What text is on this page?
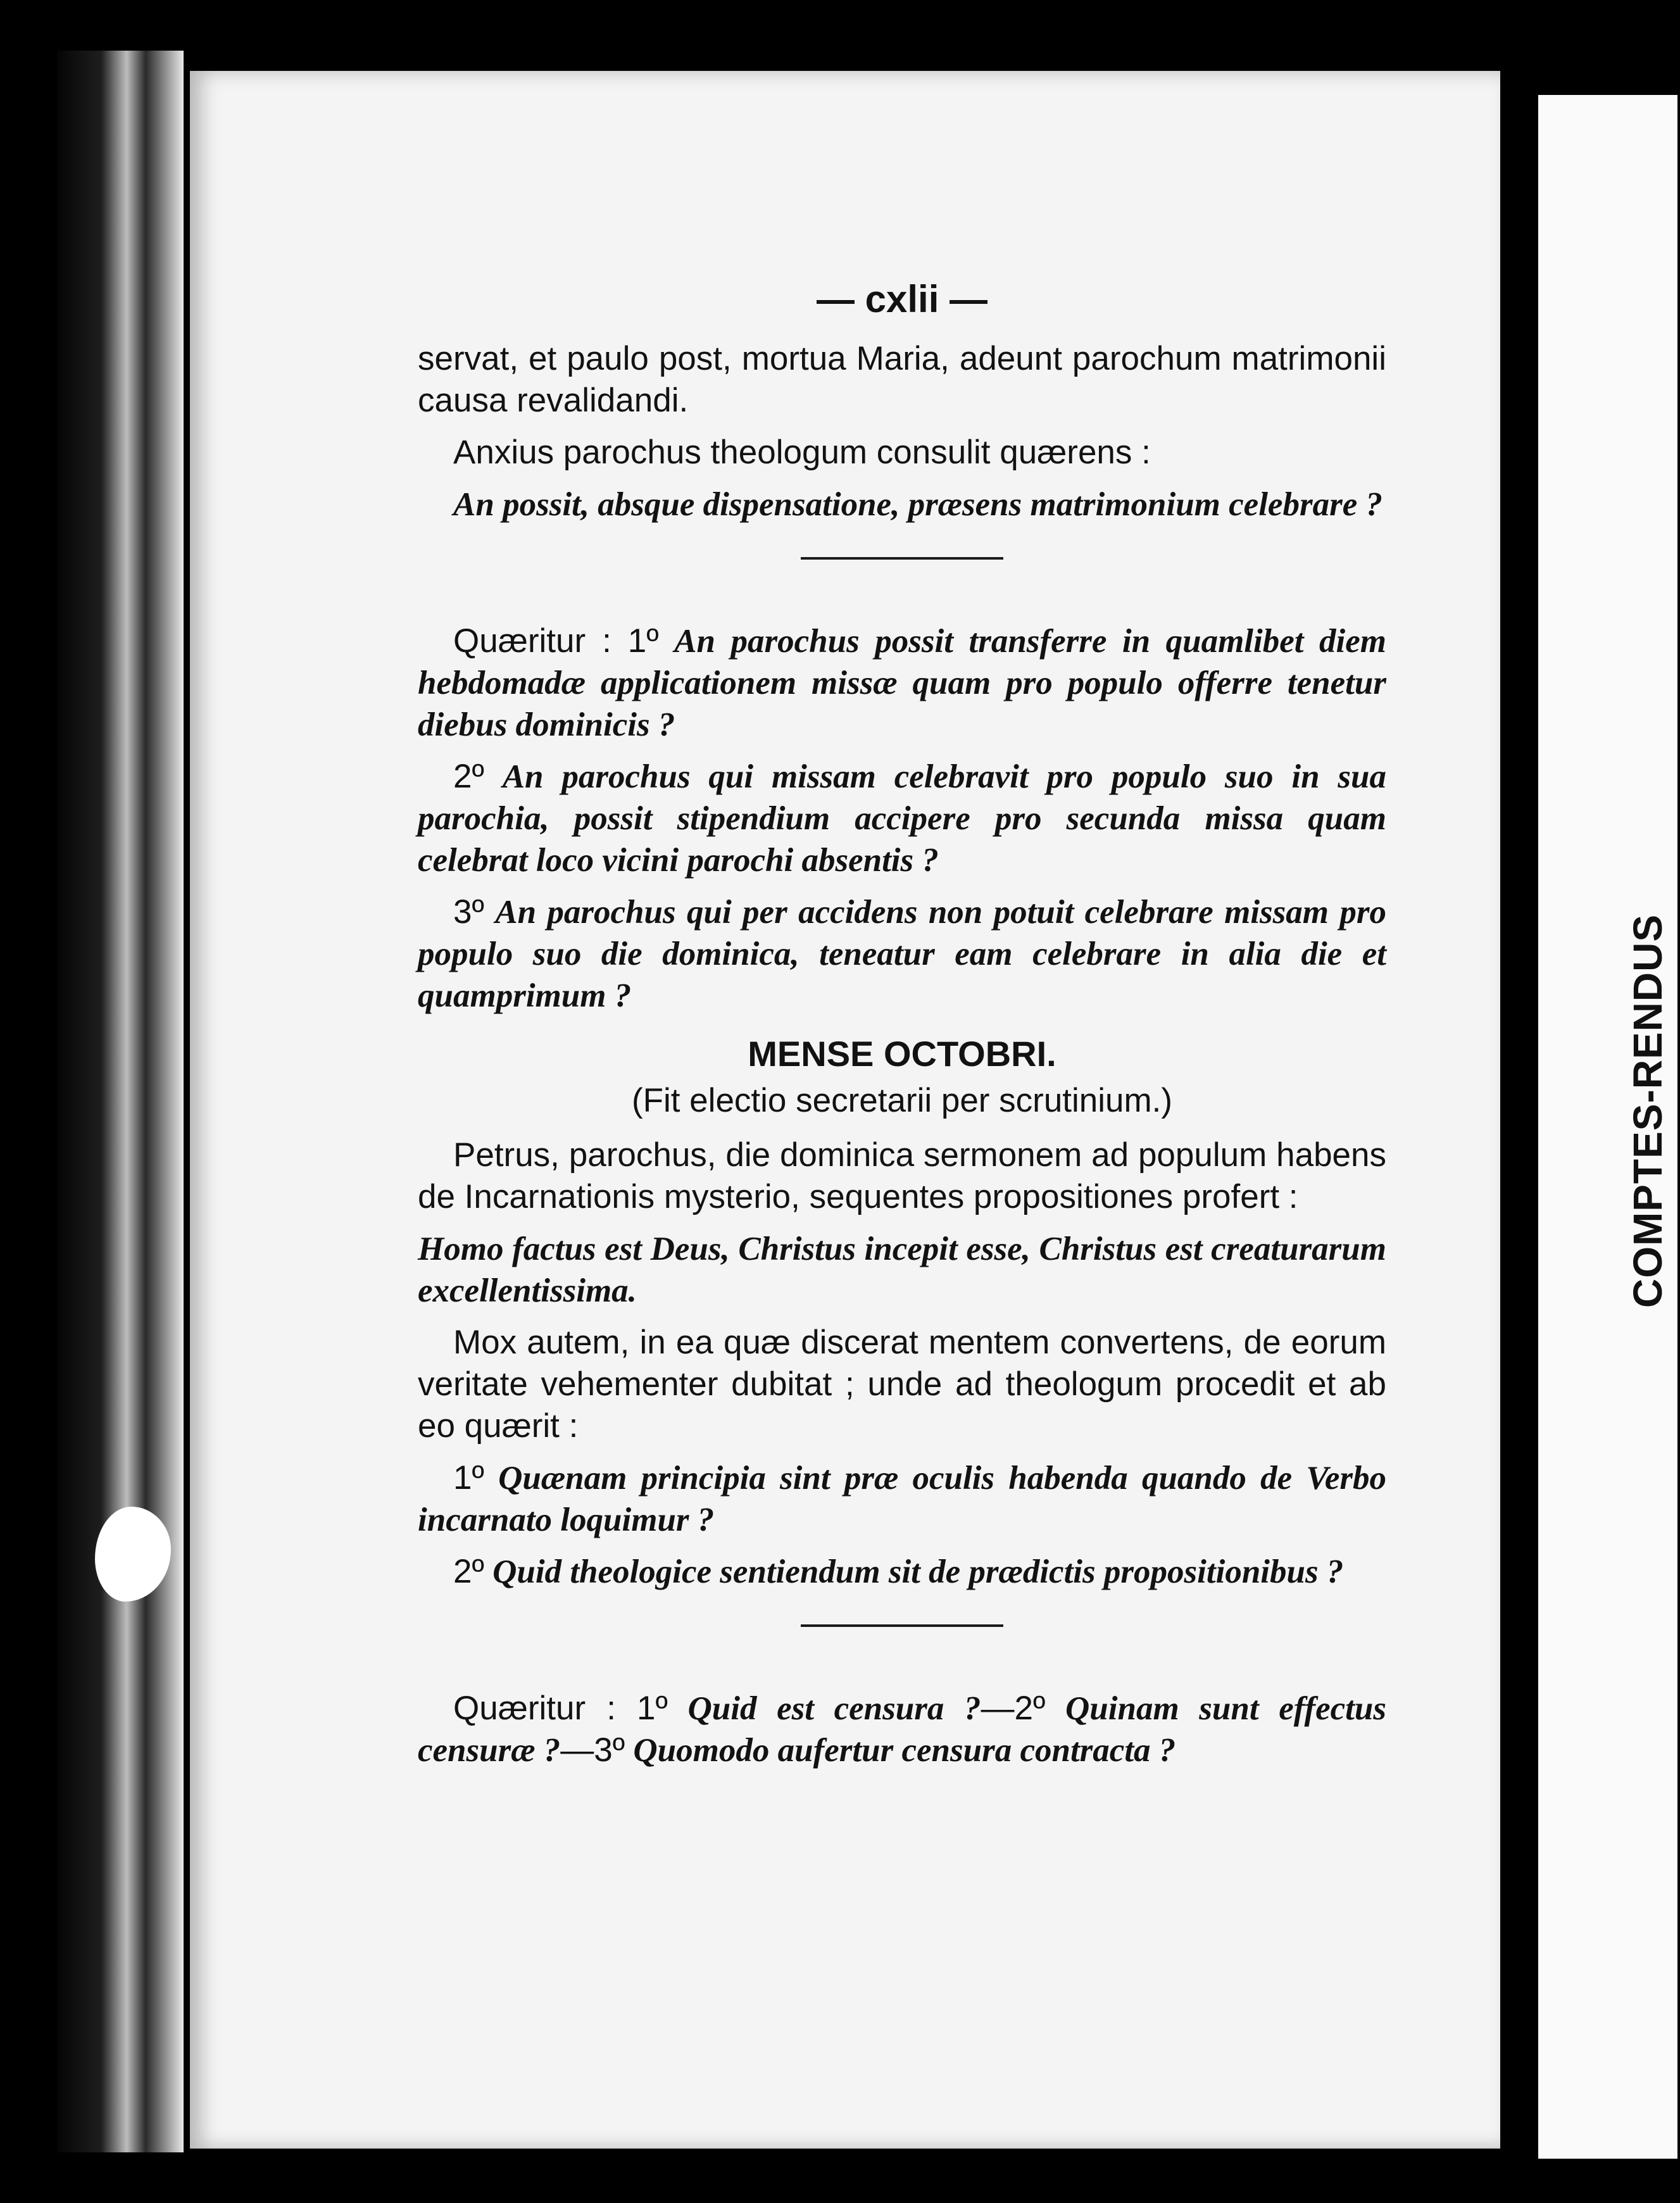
COMPTES-RENDUS
— cxlii —

servat, et paulo post, mortua Maria, adeunt parochum matrimonii causa revalidandi.

Anxius parochus theologum consulit quærens :

An possit, absque dispensatione, præsens matrimonium celebrare ?

Quæritur : 1º An parochus possit transferre in quamlibet diem hebdomadæ applicationem missæ quam pro populo offerre tenetur diebus dominicis ?

2º An parochus qui missam celebravit pro populo suo in sua parochia, possit stipendium accipere pro secunda missa quam celebrat loco vicini parochi absentis ?

3º An parochus qui per accidens non potuit celebrare missam pro populo suo die dominica, teneatur eam celebrare in alia die et quamprimum ?

MENSE OCTOBRI.

(Fit electio secretarii per scrutinium.)

Petrus, parochus, die dominica sermonem ad populum habens de Incarnationis mysterio, sequentes propositiones profert :

Homo factus est Deus, Christus incepit esse, Christus est creaturarum excellentissima.

Mox autem, in ea quæ discerat mentem convertens, de eorum veritate vehementer dubitat ; unde ad theologum procedit et ab eo quærit :

1º Quænam principia sint præ oculis habenda quando de Verbo incarnato loquimur ?

2º Quid theologice sentiendum sit de prædictis propositionibus ?

Quæritur : 1º Quid est censura ?—2º Quinam sunt effectus censuræ ?—3º Quomodo aufertur censura contracta ?
